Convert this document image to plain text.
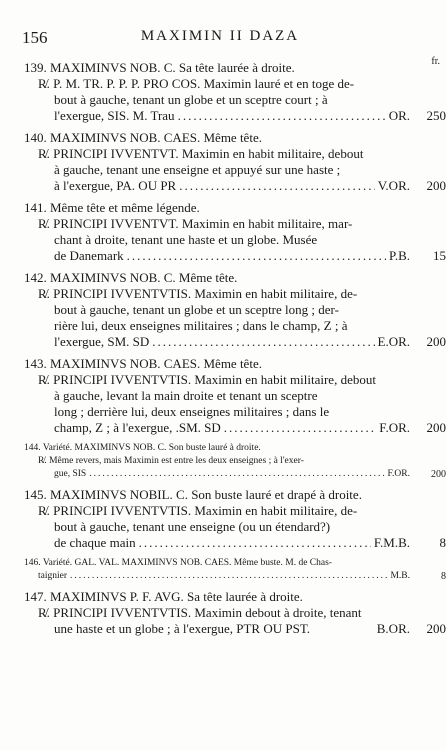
156	MAXIMIN II DAZA
fr.
139. MAXIMINVS NOB. C. Sa tête laurée à droite.
R̸. P. M. TR. P. P. P. PRO COS. Maximin lauré et en toge de-
bout à gauche, tenant un globe et un sceptre court ; à
l'exergue, SIS. M. Trau .....	OR.	250
140. MAXIMINVS NOB. CAES. Même tête.
R̸. PRINCIPI IVVENTVT. Maximin en habit militaire, debout
à gauche, tenant une enseigne et appuyé sur une haste ;
à l'exergue, PA. OU PR .....	V.OR.	200
141. Même tête et même légende.
R̸. PRINCIPI IVVENTVT. Maximin en habit militaire, mar-
chant à droite, tenant une haste et un globe. Musée
de Danemark .....	P.B.	15
142. MAXIMINVS NOB. C. Même tête.
R̸. PRINCIPI IVVENTVTIS. Maximin en habit militaire, de-
bout à gauche, tenant un globe et un sceptre long ; der-
rière lui, deux enseignes militaires ; dans le champ, Z ; à
l'exergue, SM. SD .....	E.OR.	200
143. MAXIMINVS NOB. CAES. Même tête.
R̸. PRINCIPI IVVENTVTIS. Maximin en habit militaire, debout
à gauche, levant la main droite et tenant un sceptre
long ; derrière lui, deux enseignes militaires ; dans le
champ, Z ; à l'exergue, .SM. SD .....	F.OR.	200
144. Variété. MAXIMINVS NOB. C. Son buste lauré à droite.
R̸. Même revers, mais Maximin est entre les deux enseignes ; à l'exer-
gue, SIS .....	F.OR.	200
145. MAXIMINVS NOBIL. C. Son buste lauré et drapé à droite.
R̸. PRINCIPI IVVENTVTIS. Maximin en habit militaire, de-
bout à gauche, tenant une enseigne (ou un étendard?)
de chaque main .....	F.M.B.	8
146. Variété. GAL. VAL. MAXIMINVS NOB. CAES. Même buste. M. de Chas-
taignier .....	M.B.	8
147. MAXIMINVS P. F. AVG. Sa tête laurée à droite.
R̸. PRINCIPI IVVENTVTIS. Maximin debout à droite, tenant
une haste et un globe ; à l'exergue, PTR OU PST.	B.OR.	200
